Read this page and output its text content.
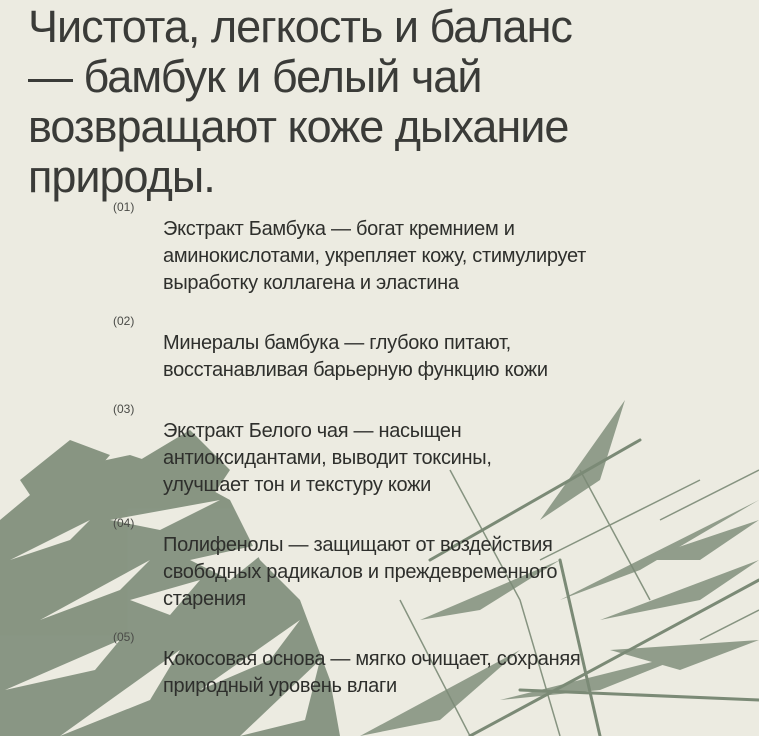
Чистота, легкость и баланс
— бамбук и белый чай
возвращают коже дыхание
природы.
(01)
Экстракт Бамбука — богат кремнием и
аминокислотами, укрепляет кожу, стимулирует
выработку коллагена и эластина
(02)
Минералы бамбука — глубоко питают,
восстанавливая барьерную функцию кожи
(03)
Экстракт Белого чая — насыщен
антиоксидантами, выводит токсины,
улучшает тон и текстуру кожи
(04)
Полифенолы — защищают от воздействия
свободных радикалов и преждевременного
старения
(05)
Кокосовая основа — мягко очищает, сохраняя
природный уровень влаги
